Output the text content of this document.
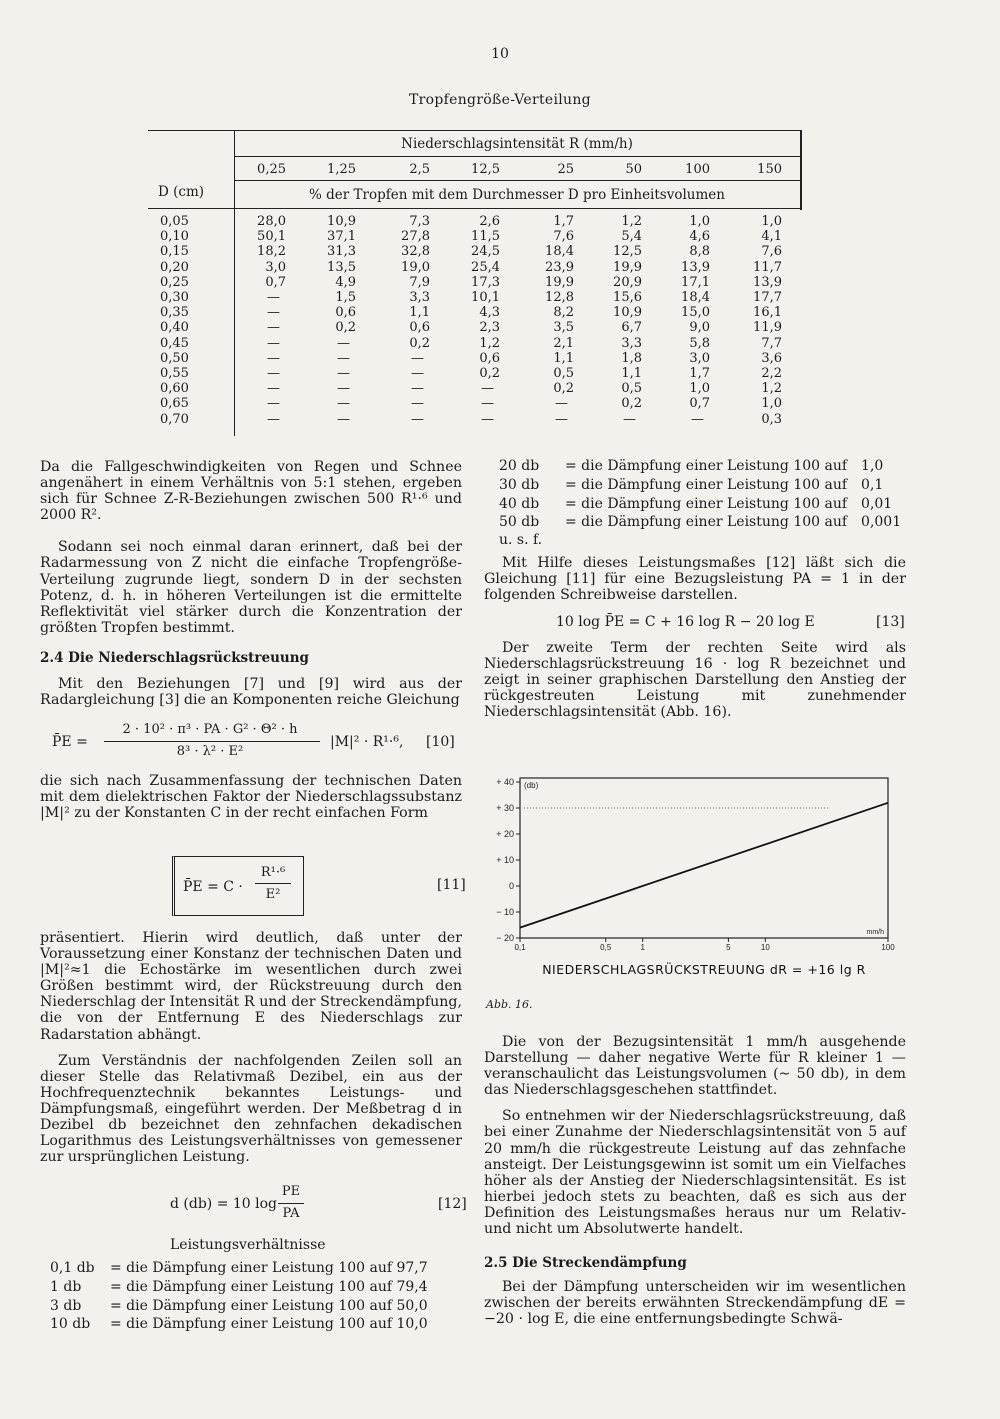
10
Tropfengröße-Verteilung
Niederschlagsintensität R (mm/h)
0,25	1,25	2,5	12,5	25	50	100	150
D (cm)	% der Tropfen mit dem Durchmesser D pro Einheitsvolumen
0,05	28,0	10,9	7,3	2,6	1,7	1,2	1,0	1,0
0,10	50,1	37,1	27,8	11,5	7,6	5,4	4,6	4,1
0,15	18,2	31,3	32,8	24,5	18,4	12,5	8,8	7,6
0,20	3,0	13,5	19,0	25,4	23,9	19,9	13,9	11,7
0,25	0,7	4,9	7,9	17,3	19,9	20,9	17,1	13,9
0,30	—	1,5	3,3	10,1	12,8	15,6	18,4	17,7
0,35	—	0,6	1,1	4,3	8,2	10,9	15,0	16,1
0,40	—	0,2	0,6	2,3	3,5	6,7	9,0	11,9
0,45	—	—	0,2	1,2	2,1	3,3	5,8	7,7
0,50	—	—	—	0,6	1,1	1,8	3,0	3,6
0,55	—	—	—	0,2	0,5	1,1	1,7	2,2
0,60	—	—	—	—	0,2	0,5	1,0	1,2
0,65	—	—	—	—	—	0,2	0,7	1,0
0,70	—	—	—	—	—	—	—	0,3

Da die Fallgeschwindigkeiten von Regen und Schnee angenähert in einem Verhältnis von 5:1 stehen, ergeben sich für Schnee Z-R-Beziehungen zwischen 500 R¹·⁶ und 2000 R².

Sodann sei noch einmal daran erinnert, daß bei der Radarmessung von Z nicht die einfache Tropfengröße-Verteilung zugrunde liegt, sondern D in der sechsten Potenz, d. h. in höheren Verteilungen ist die ermittelte Reflektivität viel stärker durch die Konzentration der größten Tropfen bestimmt.

2.4 Die Niederschlagsrückstreuung

Mit den Beziehungen [7] und [9] wird aus der Radargleichung [3] die an Komponenten reiche Gleichung

P̄E =
2 · 10² · π³ · PA · G² · Θ² · h
8³ · λ² · E²
|M|² · R¹·⁶, [10]

die sich nach Zusammenfassung der technischen Daten mit dem dielektrischen Faktor der Niederschlagssubstanz |M|² zu der Konstanten C in der recht einfachen Form

P̄E = C ·
R¹·⁶
E²
[11]

präsentiert. Hierin wird deutlich, daß unter der Voraussetzung einer Konstanz der technischen Daten und |M|²≈1 die Echostärke im wesentlichen durch zwei Größen bestimmt wird, der Rückstreuung durch den Niederschlag der Intensität R und der Streckendämpfung, die von der Entfernung E des Niederschlags zur Radarstation abhängt.

Zum Verständnis der nachfolgenden Zeilen soll an dieser Stelle das Relativmaß Dezibel, ein aus der Hochfrequenztechnik bekanntes Leistungs- und Dämpfungsmaß, eingeführt werden. Der Meßbetrag d in Dezibel db bezeichnet den zehnfachen dekadischen Logarithmus des Leistungsverhältnisses von gemessener zur ursprünglichen Leistung.

d (db) = 10 log
PE
PA
[12]
Leistungsverhältnisse
0,1 db = die Dämpfung einer Leistung 100 auf 97,7
1 db = die Dämpfung einer Leistung 100 auf 79,4
3 db = die Dämpfung einer Leistung 100 auf 50,0
10 db = die Dämpfung einer Leistung 100 auf 10,0
20 db = die Dämpfung einer Leistung 100 auf 1,0
30 db = die Dämpfung einer Leistung 100 auf 0,1
40 db = die Dämpfung einer Leistung 100 auf 0,01
50 db = die Dämpfung einer Leistung 100 auf 0,001
u. s. f.

Mit Hilfe dieses Leistungsmaßes [12] läßt sich die Gleichung [11] für eine Bezugsleistung PA = 1 in der folgenden Schreibweise darstellen.

10 log P̄E = C + 16 log R − 20 log E	[13]

Der zweite Term der rechten Seite wird als Niederschlagsrückstreuung 16 · log R bezeichnet und zeigt in seiner graphischen Darstellung den Anstieg der rückgestreuten Leistung mit zunehmender Niederschlagsintensität (Abb. 16).

+ 40
+ 30
+ 20
+ 10
0
− 10
− 20
(db)
0,1	0,5	1	5	10	100
mm/h
NIEDERSCHLAGSRÜCKSTREUUNG dR = +16 lg R
Abb. 16.

Die von der Bezugsintensität 1 mm/h ausgehende Darstellung — daher negative Werte für R kleiner 1 — veranschaulicht das Leistungsvolumen (∼ 50 db), in dem das Niederschlagsgeschehen stattfindet.

So entnehmen wir der Niederschlagsrückstreuung, daß bei einer Zunahme der Niederschlagsintensität von 5 auf 20 mm/h die rückgestreute Leistung auf das zehnfache ansteigt. Der Leistungsgewinn ist somit um ein Vielfaches höher als der Anstieg der Niederschlagsintensität. Es ist hierbei jedoch stets zu beachten, daß es sich aus der Definition des Leistungsmaßes heraus nur um Relativ- und nicht um Absolutwerte handelt.

2.5 Die Streckendämpfung

Bei der Dämpfung unterscheiden wir im wesentlichen zwischen der bereits erwähnten Streckendämpfung dE = −20 · log E, die eine entfernungsbedingte Schwä-
